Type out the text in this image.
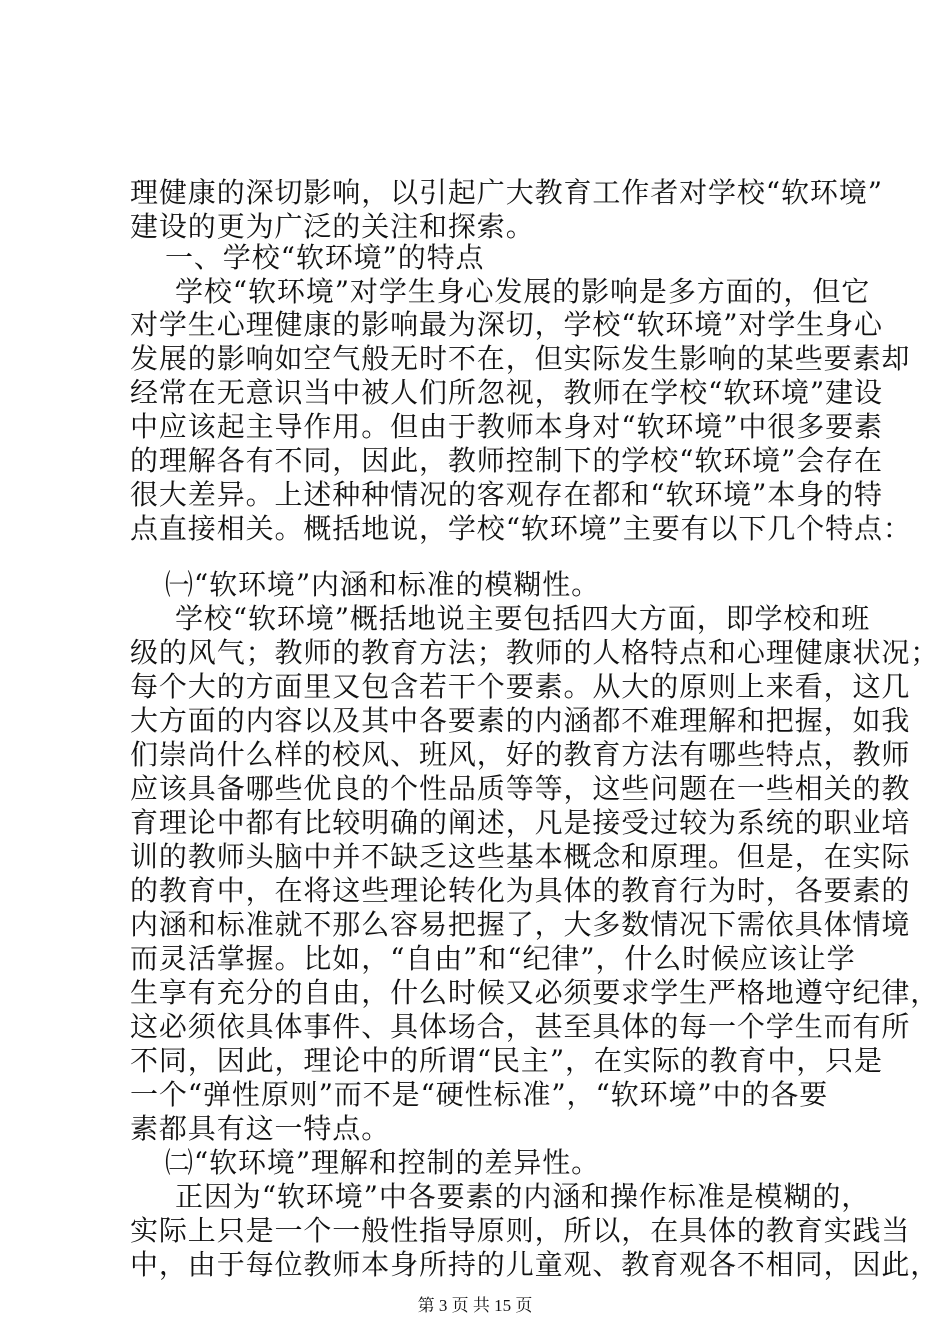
理健康的深切影响，以引起广大教育工作者对学校“软环境”
建设的更为广泛的关注和探索。
一、学校“软环境”的特点
学校“软环境”对学生身心发展的影响是多方面的，但它
对学生心理健康的影响最为深切，学校“软环境”对学生身心
发展的影响如空气般无时不在，但实际发生影响的某些要素却
经常在无意识当中被人们所忽视，教师在学校“软环境”建设
中应该起主导作用。但由于教师本身对“软环境”中很多要素
的理解各有不同，因此，教师控制下的学校“软环境”会存在
很大差异。上述种种情况的客观存在都和“软环境”本身的特
点直接相关。概括地说，学校“软环境”主要有以下几个特点：
㈠“软环境”内涵和标准的模糊性。
学校“软环境”概括地说主要包括四大方面，即学校和班
级的风气；教师的教育方法；教师的人格特点和心理健康状况；
每个大的方面里又包含若干个要素。从大的原则上来看，这几
大方面的内容以及其中各要素的内涵都不难理解和把握，如我
们崇尚什么样的校风、班风，好的教育方法有哪些特点，教师
应该具备哪些优良的个性品质等等，这些问题在一些相关的教
育理论中都有比较明确的阐述，凡是接受过较为系统的职业培
训的教师头脑中并不缺乏这些基本概念和原理。但是，在实际
的教育中，在将这些理论转化为具体的教育行为时，各要素的
内涵和标准就不那么容易把握了，大多数情况下需依具体情境
而灵活掌握。比如，“自由”和“纪律”，什么时候应该让学
生享有充分的自由，什么时候又必须要求学生严格地遵守纪律，
这必须依具体事件、具体场合，甚至具体的每一个学生而有所
不同，因此，理论中的所谓“民主”，在实际的教育中，只是
一个“弹性原则”而不是“硬性标准”，“软环境”中的各要
素都具有这一特点。
㈡“软环境”理解和控制的差异性。
正因为“软环境”中各要素的内涵和操作标准是模糊的，
实际上只是一个一般性指导原则，所以，在具体的教育实践当
中，由于每位教师本身所持的儿童观、教育观各不相同，因此，
第 3 页 共 15 页
